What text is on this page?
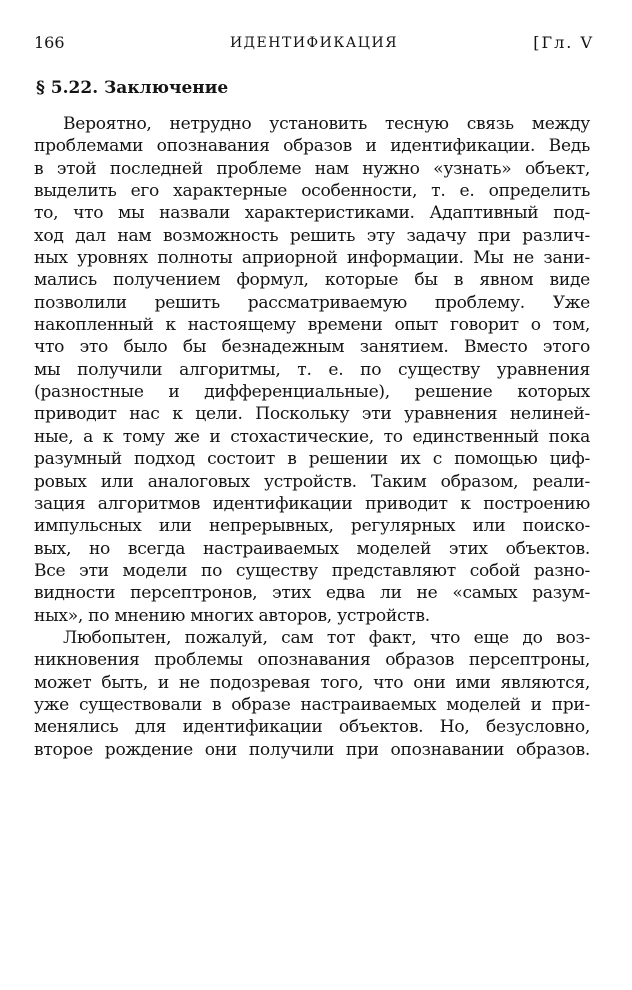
166	ИДЕНТИФИКАЦИЯ	[Гл. V
§ 5.22. Заключение

Вероятно, нетрудно установить тесную связь между
проблемами опознавания образов и идентификации. Ведь
в этой последней проблеме нам нужно «узнать» объект,
выделить его характерные особенности, т. е. определить
то, что мы назвали характеристиками. Адаптивный под-
ход дал нам возможность решить эту задачу при различ-
ных уровнях полноты априорной информации. Мы не зани-
мались получением формул, которые бы в явном виде
позволили решить рассматриваемую проблему. Уже
накопленный к настоящему времени опыт говорит о том,
что это было бы безнадежным занятием. Вместо этого
мы получили алгоритмы, т. е. по существу уравнения
(разностные и дифференциальные), решение которых
приводит нас к цели. Поскольку эти уравнения нелиней-
ные, а к тому же и стохастические, то единственный пока
разумный подход состоит в решении их с помощью циф-
ровых или аналоговых устройств. Таким образом, реали-
зация алгоритмов идентификации приводит к построению
импульсных или непрерывных, регулярных или поиско-
вых, но всегда настраиваемых моделей этих объектов.
Все эти модели по существу представляют собой разно-
видности персептронов, этих едва ли не «самых разум-
ных», по мнению многих авторов, устройств.

Любопытен, пожалуй, сам тот факт, что еще до воз-
никновения проблемы опознавания образов персептроны,
может быть, и не подозревая того, что они ими являются,
уже существовали в образе настраиваемых моделей и при-
менялись для идентификации объектов. Но, безусловно,
второе рождение они получили при опознавании образов.
